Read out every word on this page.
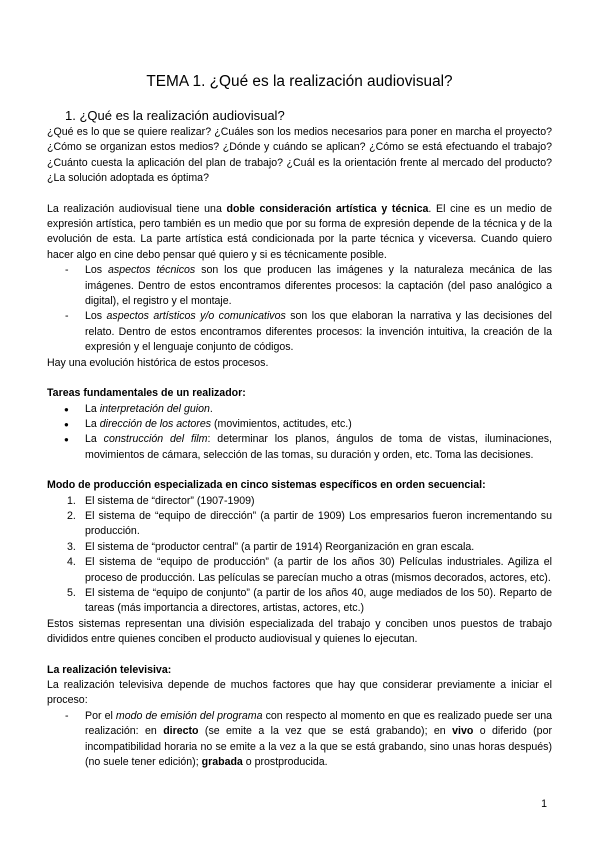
TEMA 1. ¿Qué es la realización audiovisual?
1. ¿Qué es la realización audiovisual?

¿Qué es lo que se quiere realizar? ¿Cuáles son los medios necesarios para poner en marcha el proyecto? ¿Cómo se organizan estos medios? ¿Dónde y cuándo se aplican? ¿Cómo se está efectuando el trabajo? ¿Cuánto cuesta la aplicación del plan de trabajo? ¿Cuál es la orientación frente al mercado del producto? ¿La solución adoptada es óptima?

La realización audiovisual tiene una doble consideración artística y técnica. El cine es un medio de expresión artística, pero también es un medio que por su forma de expresión depende de la técnica y de la evolución de esta. La parte artística está condicionada por la parte técnica y viceversa. Cuando quiero hacer algo en cine debo pensar qué quiero y si es técnicamente posible.

- Los aspectos técnicos son los que producen las imágenes y la naturaleza mecánica de las imágenes. Dentro de estos encontramos diferentes procesos: la captación (del paso analógico a digital), el registro y el montaje.
- Los aspectos artísticos y/o comunicativos son los que elaboran la narrativa y las decisiones del relato. Dentro de estos encontramos diferentes procesos: la invención intuitiva, la creación de la expresión y el lenguaje conjunto de códigos.

Hay una evolución histórica de estos procesos.

Tareas fundamentales de un realizador:

● La interpretación del guion.
● La dirección de los actores (movimientos, actitudes, etc.)
● La construcción del film: determinar los planos, ángulos de toma de vistas, iluminaciones, movimientos de cámara, selección de las tomas, su duración y orden, etc. Toma las decisiones.

Modo de producción especializada en cinco sistemas específicos en orden secuencial:

1. El sistema de “director” (1907-1909)
2. El sistema de “equipo de dirección” (a partir de 1909) Los empresarios fueron incrementando su producción.
3. El sistema de “productor central” (a partir de 1914) Reorganización en gran escala.
4. El sistema de “equipo de producción” (a partir de los años 30) Películas industriales. Agiliza el proceso de producción. Las películas se parecían mucho a otras (mismos decorados, actores, etc).
5. El sistema de “equipo de conjunto” (a partir de los años 40, auge mediados de los 50). Reparto de tareas (más importancia a directores, artistas, actores, etc.)

Estos sistemas representan una división especializada del trabajo y conciben unos puestos de trabajo divididos entre quienes conciben el producto audiovisual y quienes lo ejecutan.

La realización televisiva:

La realización televisiva depende de muchos factores que hay que considerar previamente a iniciar el proceso:

- Por el modo de emisión del programa con respecto al momento en que es realizado puede ser una realización: en directo (se emite a la vez que se está grabando); en vivo o diferido (por incompatibilidad horaria no se emite a la vez a la que se está grabando, sino unas horas después)(no suele tener edición); grabada o prostproducida.
1
